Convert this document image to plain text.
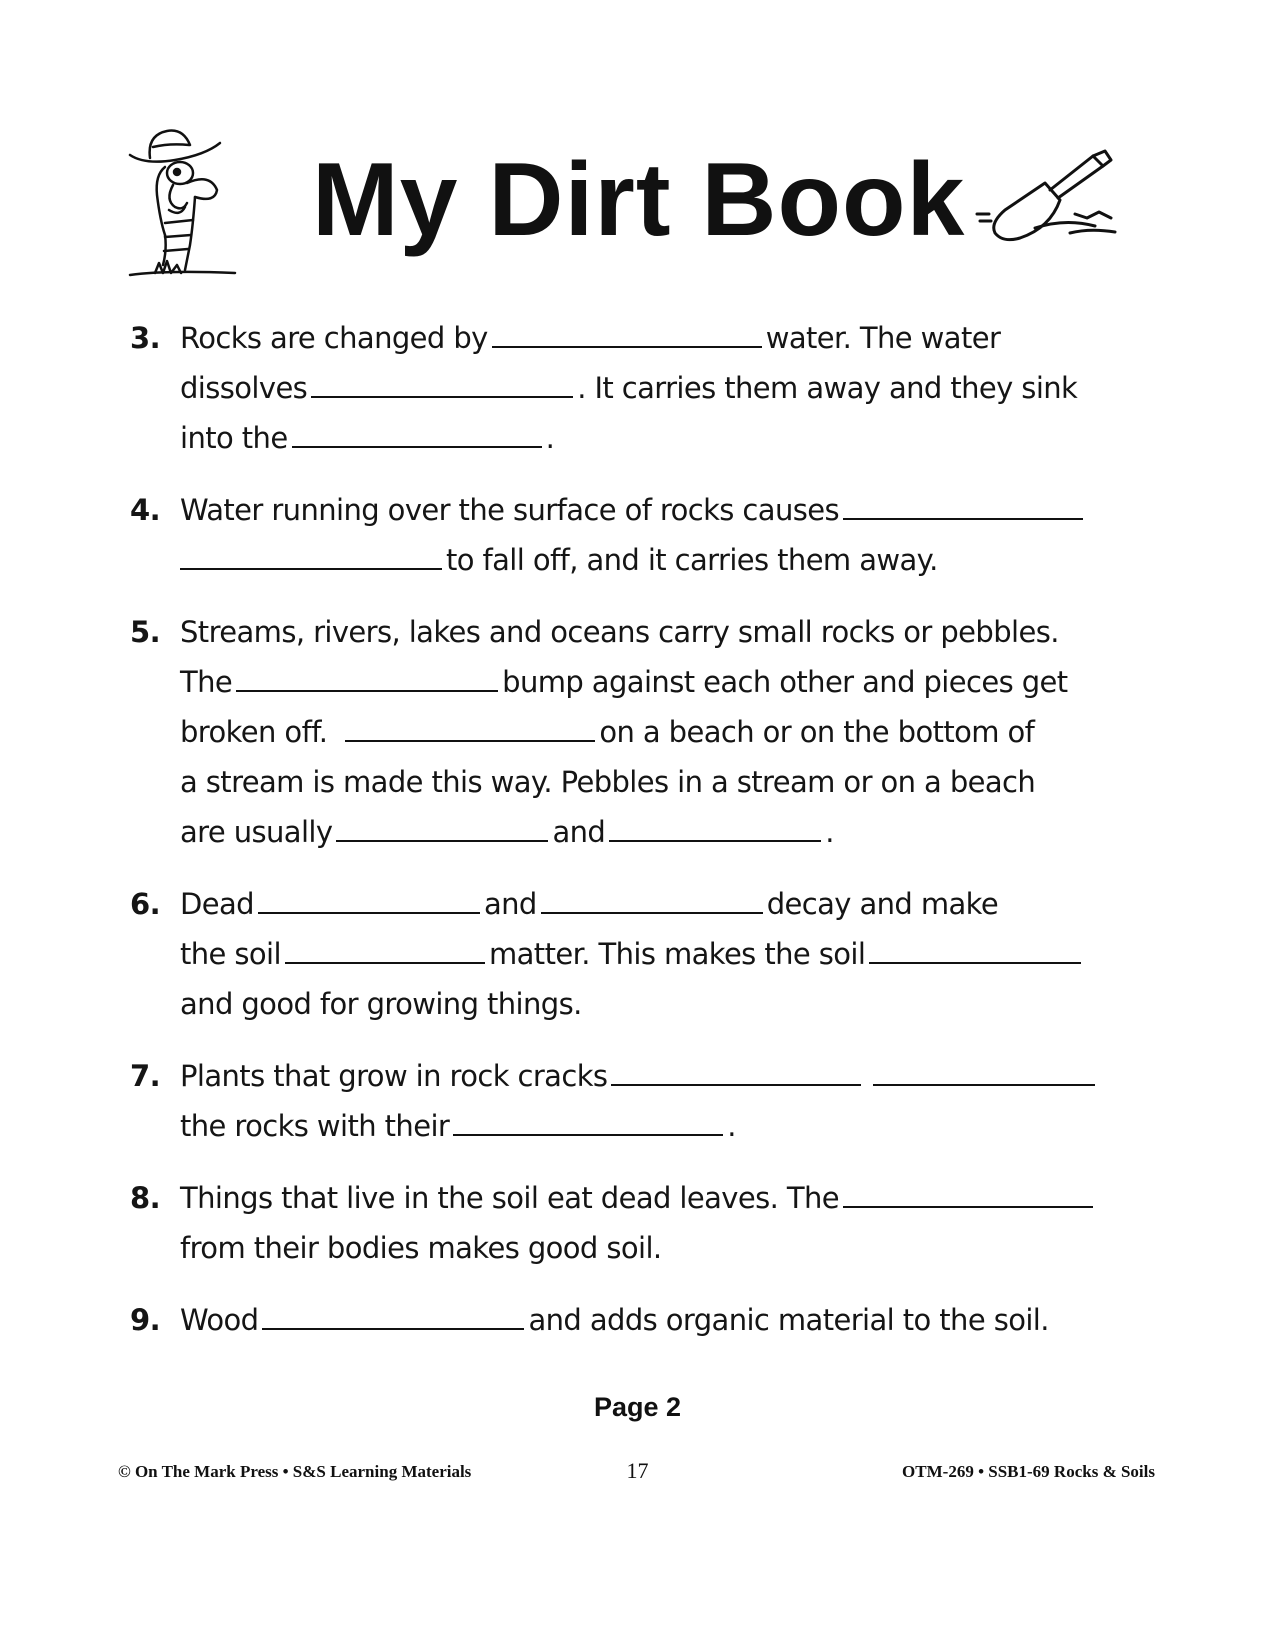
My Dirt Book
3. Rocks are changed by	water. The water
dissolves	. It carries them away and they sink
into the	.
4. Water running over the surface of rocks causes
to fall off, and it carries them away.
5. Streams, rivers, lakes and oceans carry small rocks or pebbles.
The	bump against each other and pieces get
broken off.	on a beach or on the bottom of
a stream is made this way. Pebbles in a stream or on a beach
are usually	and	.
6. Dead	and	decay and make
the soil	matter. This makes the soil
and good for growing things.
7. Plants that grow in rock cracks
the rocks with their	.
8. Things that live in the soil eat dead leaves. The
from their bodies makes good soil.
9. Wood	and adds organic material to the soil.
Page 2
© On The Mark Press • S&S Learning Materials	17	OTM-269 • SSB1-69 Rocks & Soils
